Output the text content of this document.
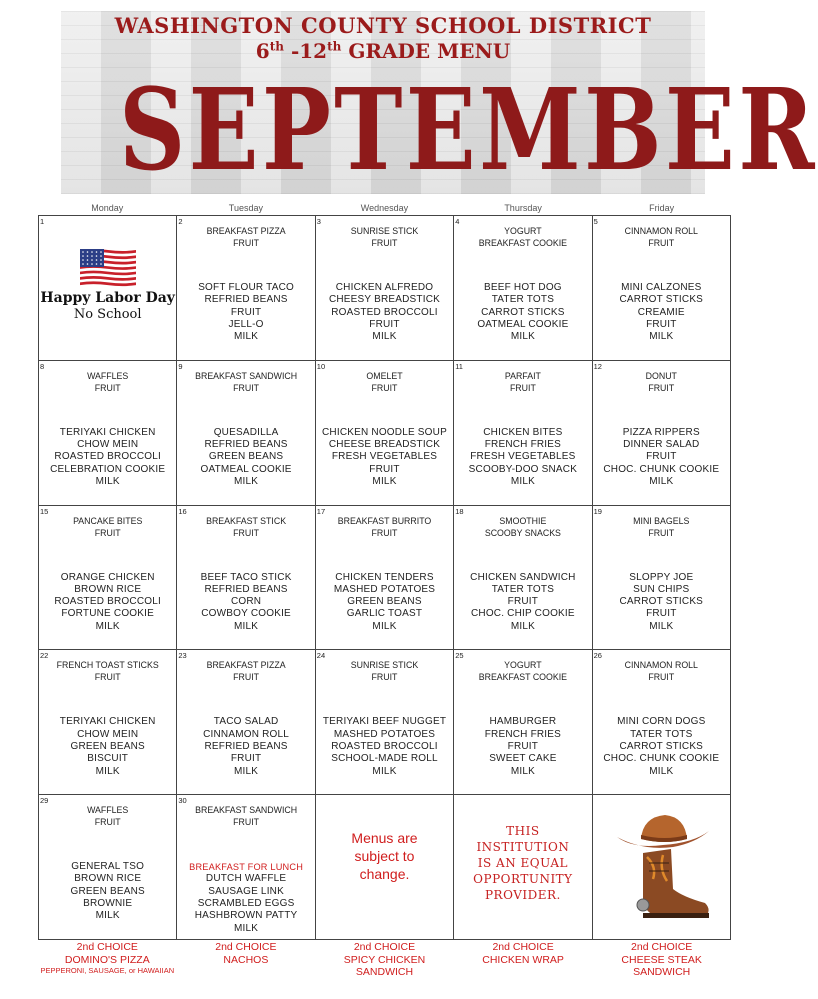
WASHINGTON COUNTY SCHOOL DISTRICT
6th -12th GRADE MENU
SEPTEMBER
Monday	Tuesday	Wednesday	Thursday	Friday
1
Happy Labor Day
No School
2
BREAKFAST PIZZA
FRUIT
SOFT FLOUR TACO
REFRIED BEANS
FRUIT
JELL-O
MILK
3
SUNRISE STICK
FRUIT
CHICKEN ALFREDO
CHEESY BREADSTICK
ROASTED BROCCOLI
FRUIT
MILK
4
YOGURT
BREAKFAST COOKIE
BEEF HOT DOG
TATER TOTS
CARROT STICKS
OATMEAL COOKIE
MILK
5
CINNAMON ROLL
FRUIT
MINI CALZONES
CARROT STICKS
CREAMIE
FRUIT
MILK
8
WAFFLES
FRUIT
TERIYAKI CHICKEN
CHOW MEIN
ROASTED BROCCOLI
CELEBRATION COOKIE
MILK
9
BREAKFAST SANDWICH
FRUIT
QUESADILLA
REFRIED BEANS
GREEN BEANS
OATMEAL COOKIE
MILK
10
OMELET
FRUIT
CHICKEN NOODLE SOUP
CHEESE BREADSTICK
FRESH VEGETABLES
FRUIT
MILK
11
PARFAIT
FRUIT
CHICKEN BITES
FRENCH FRIES
FRESH VEGETABLES
SCOOBY-DOO SNACK
MILK
12
DONUT
FRUIT
PIZZA RIPPERS
DINNER SALAD
FRUIT
CHOC. CHUNK COOKIE
MILK
15
PANCAKE BITES
FRUIT
ORANGE CHICKEN
BROWN RICE
ROASTED BROCCOLI
FORTUNE COOKIE
MILK
16
BREAKFAST STICK
FRUIT
BEEF TACO STICK
REFRIED BEANS
CORN
COWBOY COOKIE
MILK
17
BREAKFAST BURRITO
FRUIT
CHICKEN TENDERS
MASHED POTATOES
GREEN BEANS
GARLIC TOAST
MILK
18
SMOOTHIE
SCOOBY SNACKS
CHICKEN SANDWICH
TATER TOTS
FRUIT
CHOC. CHIP COOKIE
MILK
19
MINI BAGELS
FRUIT
SLOPPY JOE
SUN CHIPS
CARROT STICKS
FRUIT
MILK
22
FRENCH TOAST STICKS
FRUIT
TERIYAKI CHICKEN
CHOW MEIN
GREEN BEANS
BISCUIT
MILK
23
BREAKFAST PIZZA
FRUIT
TACO SALAD
CINNAMON ROLL
REFRIED BEANS
FRUIT
MILK
24
SUNRISE STICK
FRUIT
TERIYAKI BEEF NUGGET
MASHED POTATOES
ROASTED BROCCOLI
SCHOOL-MADE ROLL
MILK
25
YOGURT
BREAKFAST COOKIE
HAMBURGER
FRENCH FRIES
FRUIT
SWEET CAKE
MILK
26
CINNAMON ROLL
FRUIT
MINI CORN DOGS
TATER TOTS
CARROT STICKS
CHOC. CHUNK COOKIE
MILK
29
WAFFLES
FRUIT
GENERAL TSO
BROWN RICE
GREEN BEANS
BROWNIE
MILK
30
BREAKFAST SANDWICH
FRUIT
BREAKFAST FOR LUNCH
DUTCH WAFFLE
SAUSAGE LINK
SCRAMBLED EGGS
HASHBROWN PATTY
MILK
Menus are
subject to
change.
THIS
INSTITUTION
IS AN EQUAL
OPPORTUNITY
PROVIDER.
2nd CHOICE
DOMINO'S PIZZA
PEPPERONI, SAUSAGE, or HAWAIIAN
2nd CHOICE
NACHOS
2nd CHOICE
SPICY CHICKEN
SANDWICH
2nd CHOICE
CHICKEN WRAP
2nd CHOICE
CHEESE STEAK
SANDWICH
